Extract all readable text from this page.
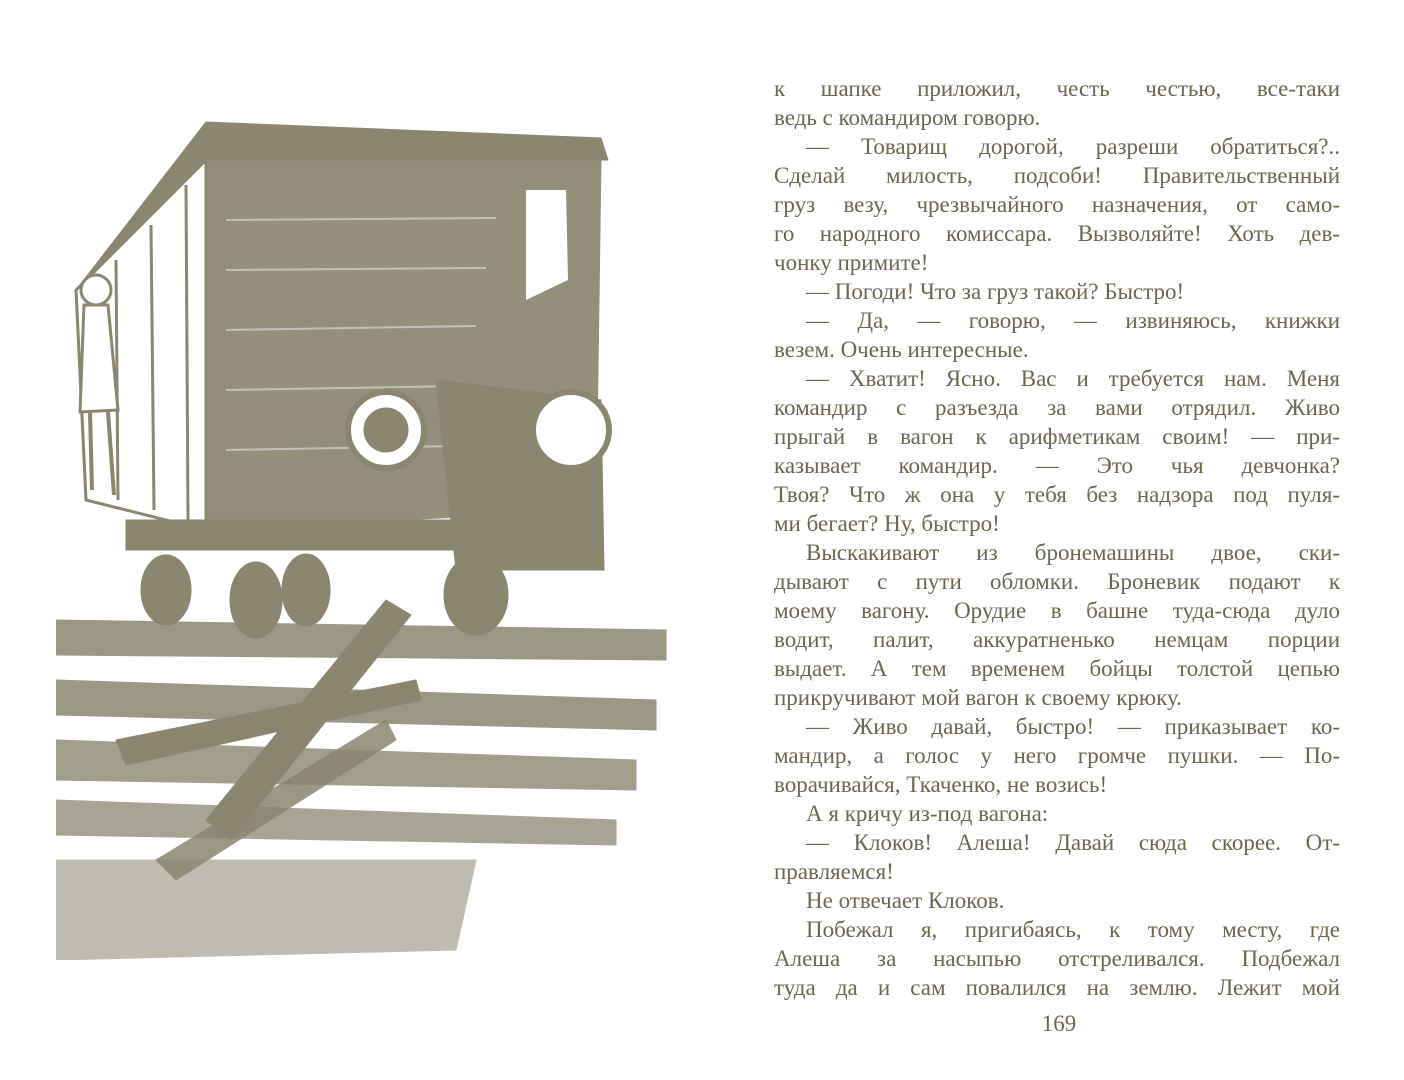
к шапке приложил, честь честью, все-таки
ведь с командиром говорю.
— Товарищ дорогой, разреши обратиться?..
Сделай милость, подсоби! Правительственный
груз везу, чрезвычайного назначения, от само-
го народного комиссара. Вызволяйте! Хоть дев-
чонку примите!
— Погоди! Что за груз такой? Быстро!
— Да, — говорю, — извиняюсь, книжки
везем. Очень интересные.
— Хватит! Ясно. Вас и требуется нам. Меня
командир с разъезда за вами отрядил. Живо
прыгай в вагон к арифметикам своим! — при-
казывает командир. — Это чья девчонка?
Твоя? Что ж она у тебя без надзора под пуля-
ми бегает? Ну, быстро!
Выскакивают из бронемашины двое, ски-
дывают с пути обломки. Броневик подают к
моему вагону. Орудие в башне туда-сюда дуло
водит, палит, аккуратненько немцам порции
выдает. А тем временем бойцы толстой цепью
прикручивают мой вагон к своему крюку.
— Живо давай, быстро! — приказывает ко-
мандир, а голос у него громче пушки. — По-
ворачивайся, Ткаченко, не возись!
А я кричу из-под вагона:
— Клоков! Алеша! Давай сюда скорее. От-
правляемся!
Не отвечает Клоков.
Побежал я, пригибаясь, к тому месту, где
Алеша за насыпью отстреливался. Подбежал
туда да и сам повалился на землю. Лежит мой
169
